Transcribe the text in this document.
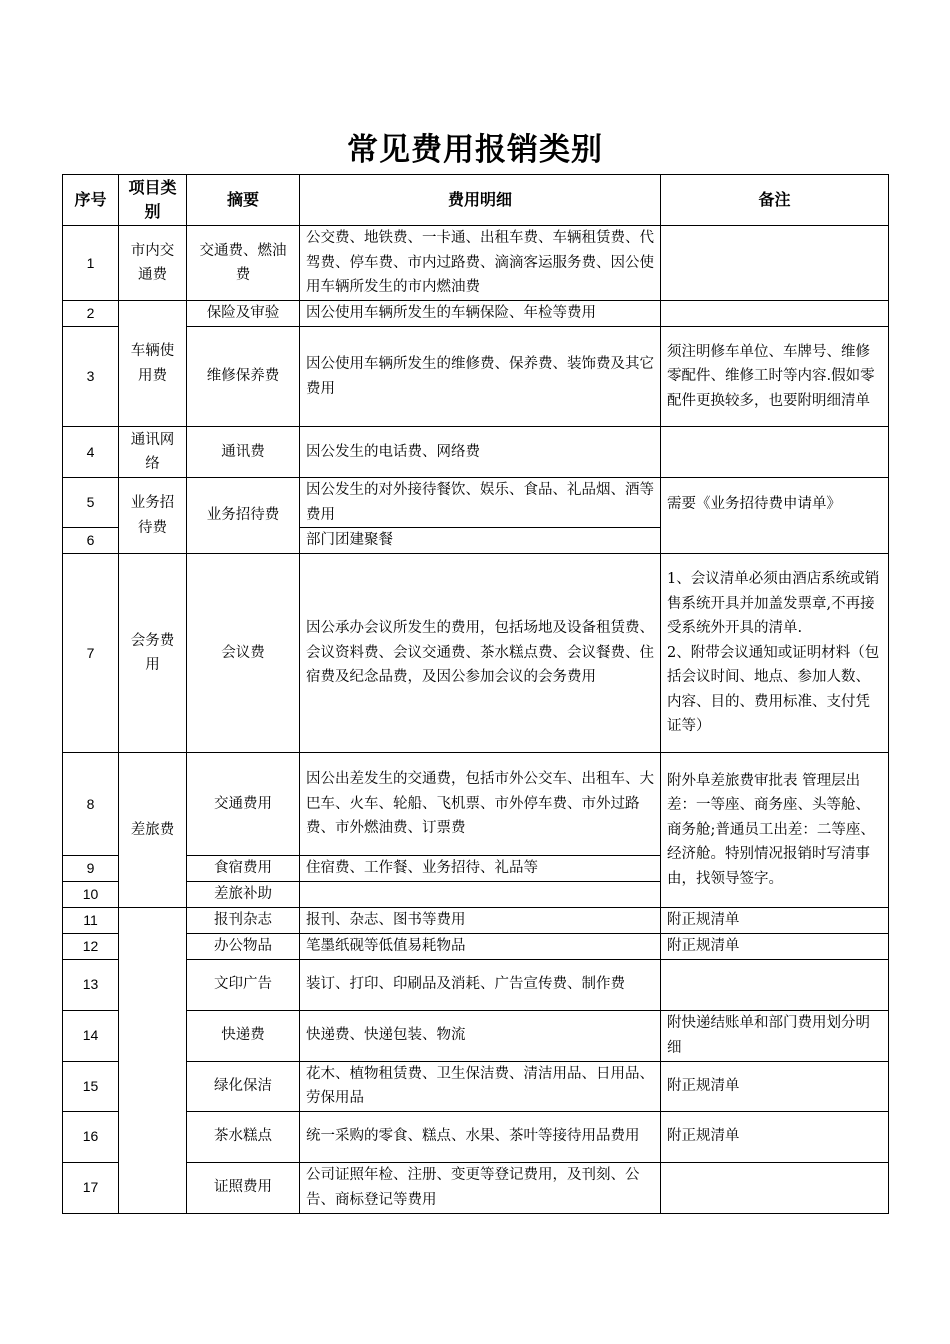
常见费用报销类别
序号	项目类别	摘要	费用明细	备注
1	市内交通费	交通费、燃油费	公交费、地铁费、一卡通、出租车费、车辆租赁费、代驾费、停车费、市内过路费、滴滴客运服务费、因公使用车辆所发生的市内燃油费	
2	车辆使用费	保险及审验	因公使用车辆所发生的车辆保险、年检等费用	
3		维修保养费	因公使用车辆所发生的维修费、保养费、装饰费及其它费用	须注明修车单位、车牌号、维修零配件、维修工时等内容.假如零配件更换较多，也要附明细清单
4	通讯网络	通讯费	因公发生的电话费、网络费	
5	业务招待费	业务招待费	因公发生的对外接待餐饮、娱乐、食品、礼品烟、酒等费用	需要《业务招待费申请单》
6			部门团建聚餐	
7	会务费用	会议费	因公承办会议所发生的费用，包括场地及设备租赁费、会议资料费、会议交通费、茶水糕点费、会议餐费、住宿费及纪念品费，及因公参加会议的会务费用	1、会议清单必须由酒店系统或销售系统开具并加盖发票章,不再接受系统外开具的清单.
2、附带会议通知或证明材料（包括会议时间、地点、参加人数、内容、目的、费用标准、支付凭证等）

8	差旅费	交通费用	因公出差发生的交通费，包括市外公交车、出租车、大巴车、火车、轮船、飞机票、市外停车费、市外过路费、市外燃油费、订票费	附外阜差旅费审批表 管理层出差：一等座、商务座、头等舱、商务舱;普通员工出差：二等座、经济舱。特别情况报销时写清事由，找领导签字。
9		食宿费用	住宿费、工作餐、业务招待、礼品等	
10		差旅补助		
11		报刊杂志	报刊、杂志、图书等费用	附正规清单
12		办公物品	笔墨纸砚等低值易耗物品	附正规清单
13		文印广告	装订、打印、印刷品及消耗、广告宣传费、制作费	
14		快递费	快递费、快递包装、物流	附快递结账单和部门费用划分明细
15		绿化保洁	花木、植物租赁费、卫生保洁费、清洁用品、日用品、劳保用品	附正规清单
16		茶水糕点	统一采购的零食、糕点、水果、茶叶等接待用品费用	附正规清单
17		证照费用	公司证照年检、注册、变更等登记费用，及刊刻、公告、商标登记等费用	
